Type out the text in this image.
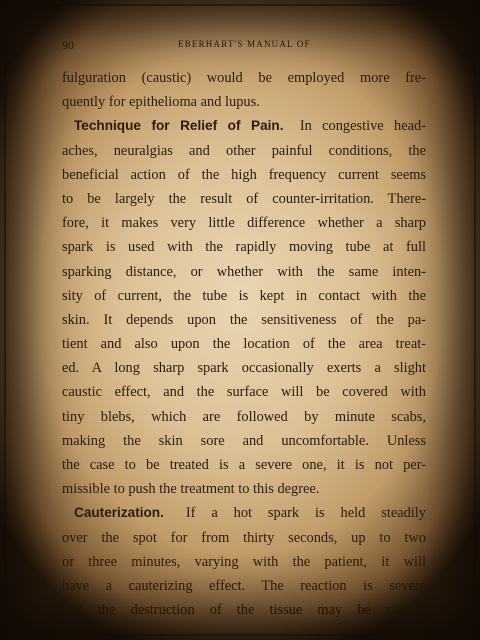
90	EBERHART'S MANUAL OF
fulguration (caustic) would be employed more fre-
quently for epithelioma and lupus.
Technique for Relief of Pain. In congestive head-
aches, neuralgias and other painful conditions, the
beneficial action of the high frequency current seems
to be largely the result of counter-irritation. There-
fore, it makes very little difference whether a sharp
spark is used with the rapidly moving tube at full
sparking distance, or whether with the same inten-
sity of current, the tube is kept in contact with the
skin. It depends upon the sensitiveness of the pa-
tient and also upon the location of the area treat-
ed. A long sharp spark occasionally exerts a slight
caustic effect, and the surface will be covered with
tiny blebs, which are followed by minute scabs,
making the skin sore and uncomfortable. Unless
the case to be treated is a severe one, it is not per-
missible to push the treatment to this degree.
Cauterization. If a hot spark is held steadily
over the spot for from thirty seconds, up to two
or three minutes, varying with the patient, it will
have a cauterizing effect. The reaction is severe
and the destruction of the tissue may be carried
